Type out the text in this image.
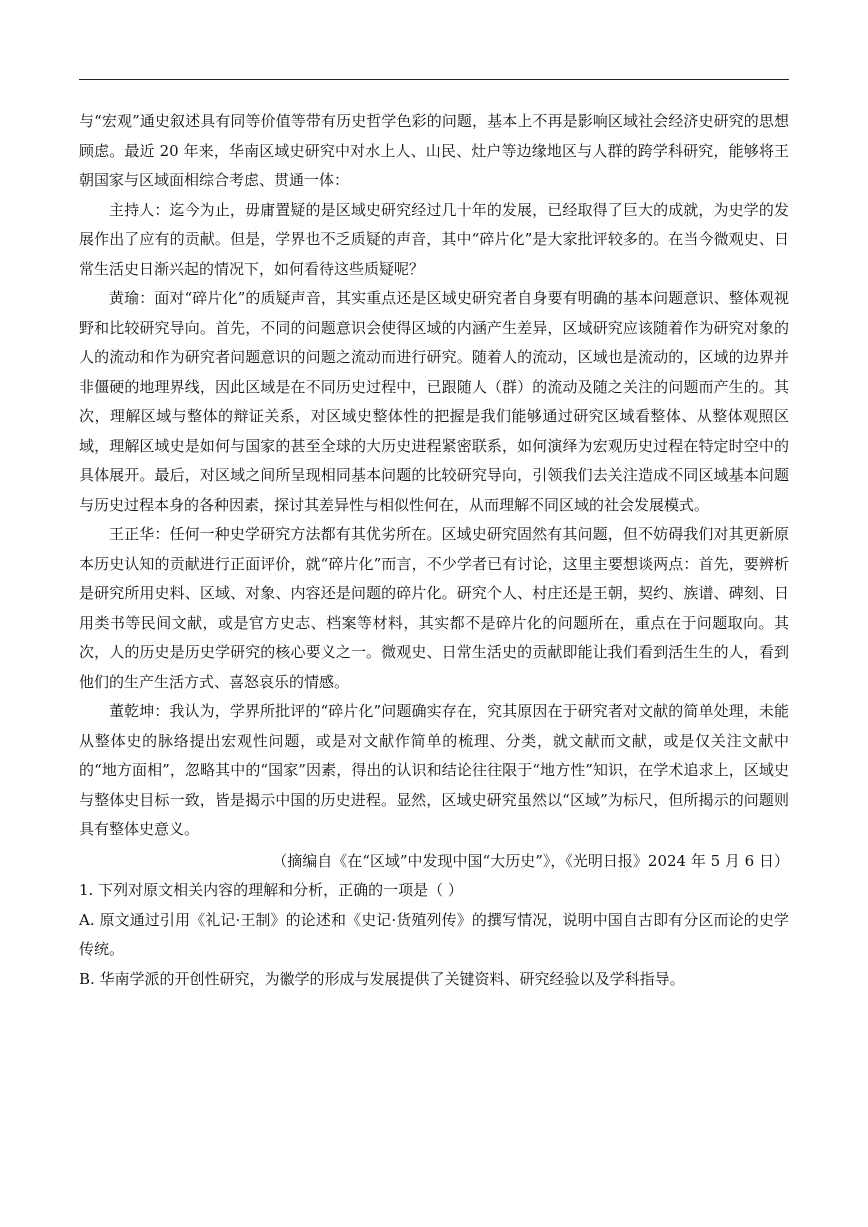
与“宏观”通史叙述具有同等价值等带有历史哲学色彩的问题，基本上不再是影响区域社会经济史研究的思想顾虑。最近 20 年来，华南区域史研究中对水上人、山民、灶户等边缘地区与人群的跨学科研究，能够将王朝国家与区域面相综合考虑、贯通一体：

主持人：迄今为止，毋庸置疑的是区域史研究经过几十年的发展，已经取得了巨大的成就，为史学的发展作出了应有的贡献。但是，学界也不乏质疑的声音，其中“碎片化”是大家批评较多的。在当今微观史、日常生活史日渐兴起的情况下，如何看待这些质疑呢？

黄瑜：面对“碎片化”的质疑声音，其实重点还是区域史研究者自身要有明确的基本问题意识、整体观视野和比较研究导向。首先，不同的问题意识会使得区域的内涵产生差异，区域研究应该随着作为研究对象的人的流动和作为研究者问题意识的问题之流动而进行研究。随着人的流动，区域也是流动的，区域的边界并非僵硬的地理界线，因此区域是在不同历史过程中，已跟随人（群）的流动及随之关注的问题而产生的。其次，理解区域与整体的辩证关系，对区域史整体性的把握是我们能够通过研究区域看整体、从整体观照区域，理解区域史是如何与国家的甚至全球的大历史进程紧密联系，如何演绎为宏观历史过程在特定时空中的具体展开。最后，对区域之间所呈现相同基本问题的比较研究导向，引领我们去关注造成不同区域基本问题与历史过程本身的各种因素，探讨其差异性与相似性何在，从而理解不同区域的社会发展模式。

王正华：任何一种史学研究方法都有其优劣所在。区域史研究固然有其问题，但不妨碍我们对其更新原本历史认知的贡献进行正面评价，就“碎片化”而言，不少学者已有讨论，这里主要想谈两点：首先，要辨析是研究所用史料、区域、对象、内容还是问题的碎片化。研究个人、村庄还是王朝，契约、族谱、碑刻、日用类书等民间文献，或是官方史志、档案等材料，其实都不是碎片化的问题所在，重点在于问题取向。其次，人的历史是历史学研究的核心要义之一。微观史、日常生活史的贡献即能让我们看到活生生的人，看到他们的生产生活方式、喜怒哀乐的情感。

董乾坤：我认为，学界所批评的“碎片化”问题确实存在，究其原因在于研究者对文献的简单处理，未能从整体史的脉络提出宏观性问题，或是对文献作简单的梳理、分类，就文献而文献，或是仅关注文献中的“地方面相”，忽略其中的“国家”因素，得出的认识和结论往往限于“地方性”知识，在学术追求上，区域史与整体史目标一致，皆是揭示中国的历史进程。显然，区域史研究虽然以“区域”为标尺，但所揭示的问题则具有整体史意义。

（摘编自《在“区域”中发现中国“大历史”》，《光明日报》2024 年 5 月 6 日）

1. 下列对原文相关内容的理解和分析，正确的一项是（ ）

A. 原文通过引用《礼记·王制》的论述和《史记·货殖列传》的撰写情况，说明中国自古即有分区而论的史学传统。

B. 华南学派的开创性研究，为徽学的形成与发展提供了关键资料、研究经验以及学科指导。
